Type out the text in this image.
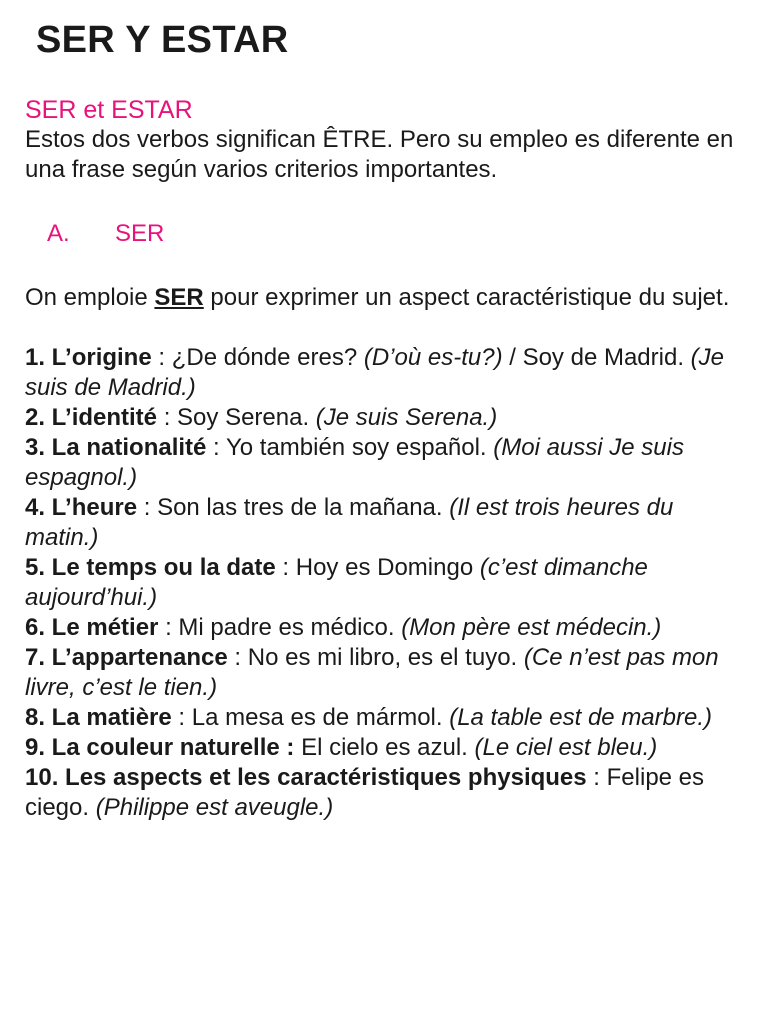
SER Y ESTAR

SER et ESTAR

Estos dos verbos significan ÊTRE. Pero su empleo es diferente en una frase según varios criterios importantes.

A. SER

On emploie SER pour exprimer un aspect caractéristique du sujet.

1. L’origine : ¿De dónde eres? (D’où es-tu?) / Soy de Madrid. (Je suis de Madrid.)

2. L’identité : Soy Serena. (Je suis Serena.)

3. La nationalité : Yo también soy español. (Moi aussi Je suis espagnol.)

4. L’heure : Son las tres de la mañana. (Il est trois heures du matin.)

5. Le temps ou la date : Hoy es Domingo (c’est dimanche aujourd’hui.)

6. Le métier : Mi padre es médico. (Mon père est médecin.)

7. L’appartenance : No es mi libro, es el tuyo. (Ce n’est pas mon livre, c’est le tien.)

8. La matière : La mesa es de mármol. (La table est de marbre.)

9. La couleur naturelle : El cielo es azul. (Le ciel est bleu.)

10. Les aspects et les caractéristiques physiques : Felipe es ciego. (Philippe est aveugle.)
